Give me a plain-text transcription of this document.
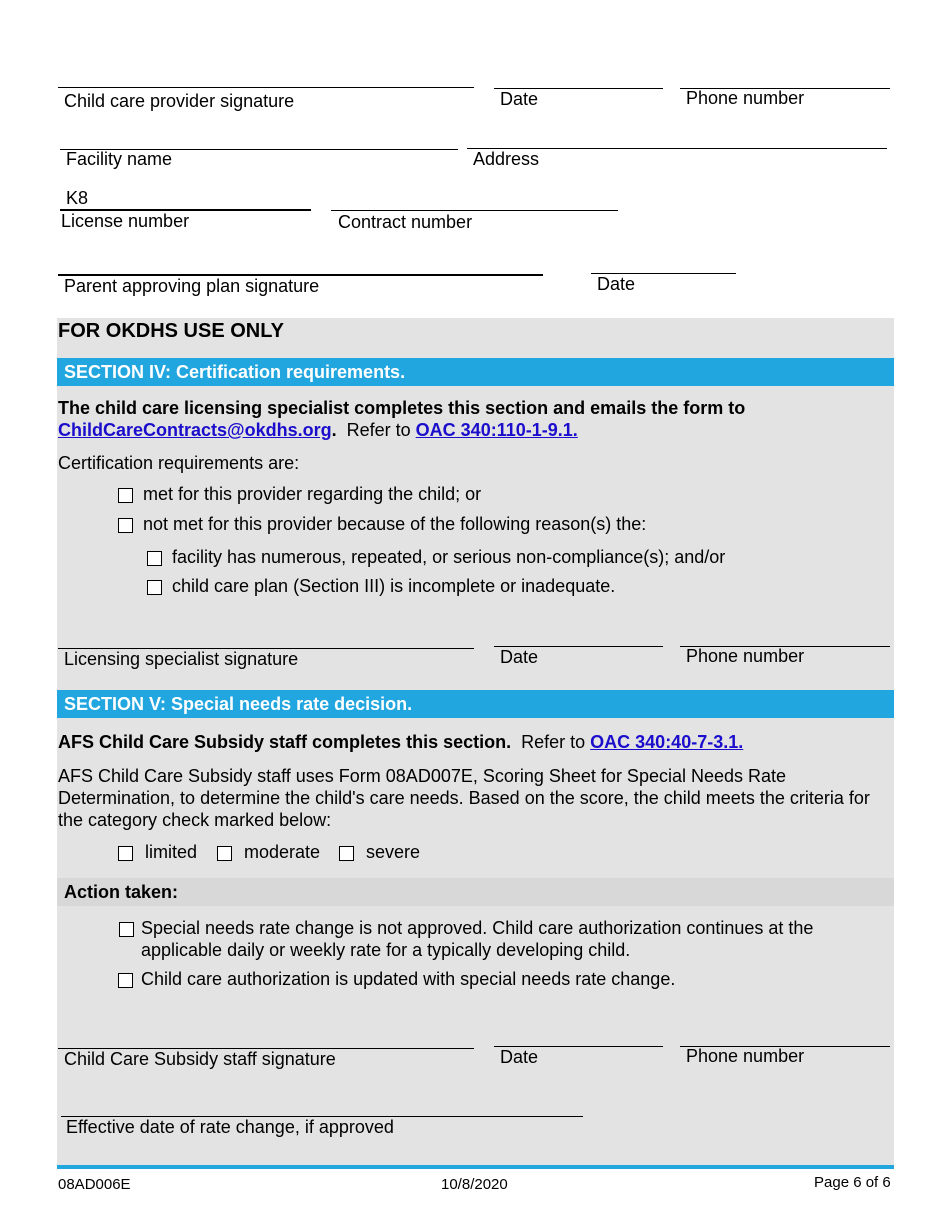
Child care provider signature	Date	Phone number
Facility name	Address
K8
License number	Contract number
Parent approving plan signature	Date
FOR OKDHS USE ONLY
SECTION IV: Certification requirements.
The child care licensing specialist completes this section and emails the form to
ChildCareContracts@okdhs.org. Refer to OAC 340:110-1-9.1.
Certification requirements are:
met for this provider regarding the child; or
not met for this provider because of the following reason(s) the:
facility has numerous, repeated, or serious non-compliance(s); and/or
child care plan (Section III) is incomplete or inadequate.
Licensing specialist signature	Date	Phone number
SECTION V: Special needs rate decision.
AFS Child Care Subsidy staff completes this section. Refer to OAC 340:40-7-3.1.
AFS Child Care Subsidy staff uses Form 08AD007E, Scoring Sheet for Special Needs Rate Determination, to determine the child's care needs. Based on the score, the child meets the criteria for the category check marked below:
limited	moderate	severe
Action taken:
Special needs rate change is not approved. Child care authorization continues at the applicable daily or weekly rate for a typically developing child.
Child care authorization is updated with special needs rate change.
Child Care Subsidy staff signature	Date	Phone number
Effective date of rate change, if approved
08AD006E	10/8/2020	Page 6 of 6
